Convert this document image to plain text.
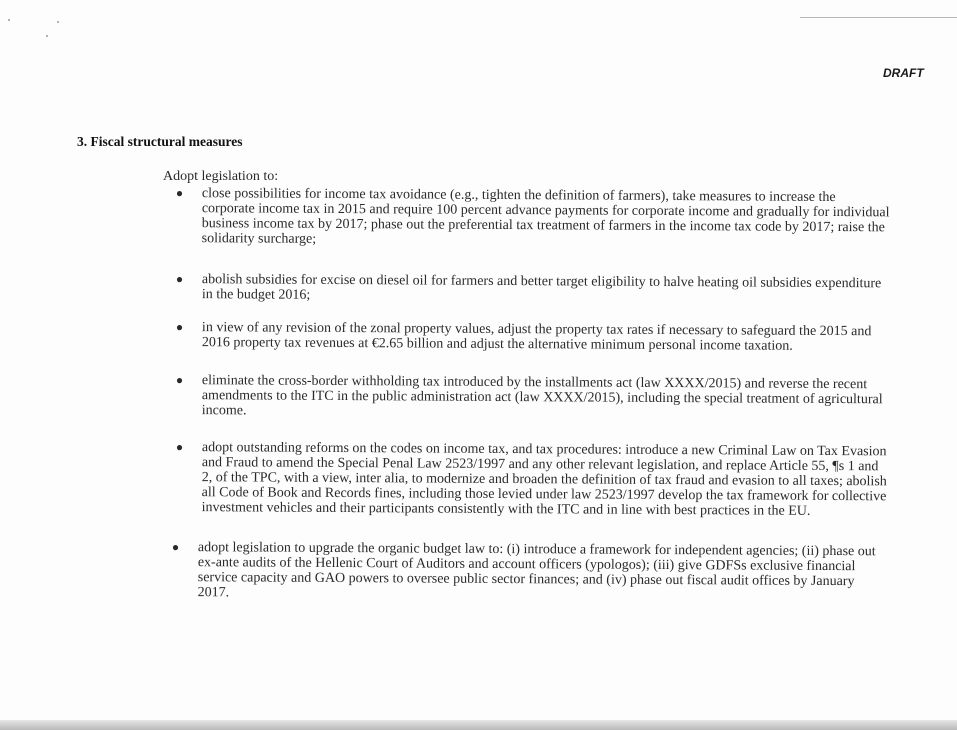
DRAFT
3. Fiscal structural measures
Adopt legislation to:
● close possibilities for income tax avoidance (e.g., tighten the definition of farmers), take measures to increase the
corporate income tax in 2015 and require 100 percent advance payments for corporate income and gradually for individual
business income tax by 2017; phase out the preferential tax treatment of farmers in the income tax code by 2017; raise the
solidarity surcharge;
● abolish subsidies for excise on diesel oil for farmers and better target eligibility to halve heating oil subsidies expenditure
in the budget 2016;
● in view of any revision of the zonal property values, adjust the property tax rates if necessary to safeguard the 2015 and
2016 property tax revenues at €2.65 billion and adjust the alternative minimum personal income taxation.
● eliminate the cross-border withholding tax introduced by the installments act (law XXXX/2015) and reverse the recent
amendments to the ITC in the public administration act (law XXXX/2015), including the special treatment of agricultural
income.
● adopt outstanding reforms on the codes on income tax, and tax procedures: introduce a new Criminal Law on Tax Evasion
and Fraud to amend the Special Penal Law 2523/1997 and any other relevant legislation, and replace Article 55, ¶s 1 and
2, of the TPC, with a view, inter alia, to modernize and broaden the definition of tax fraud and evasion to all taxes; abolish
all Code of Book and Records fines, including those levied under law 2523/1997 develop the tax framework for collective
investment vehicles and their participants consistently with the ITC and in line with best practices in the EU.
● adopt legislation to upgrade the organic budget law to: (i) introduce a framework for independent agencies; (ii) phase out
ex-ante audits of the Hellenic Court of Auditors and account officers (ypologos); (iii) give GDFSs exclusive financial
service capacity and GAO powers to oversee public sector finances; and (iv) phase out fiscal audit offices by January
2017.
